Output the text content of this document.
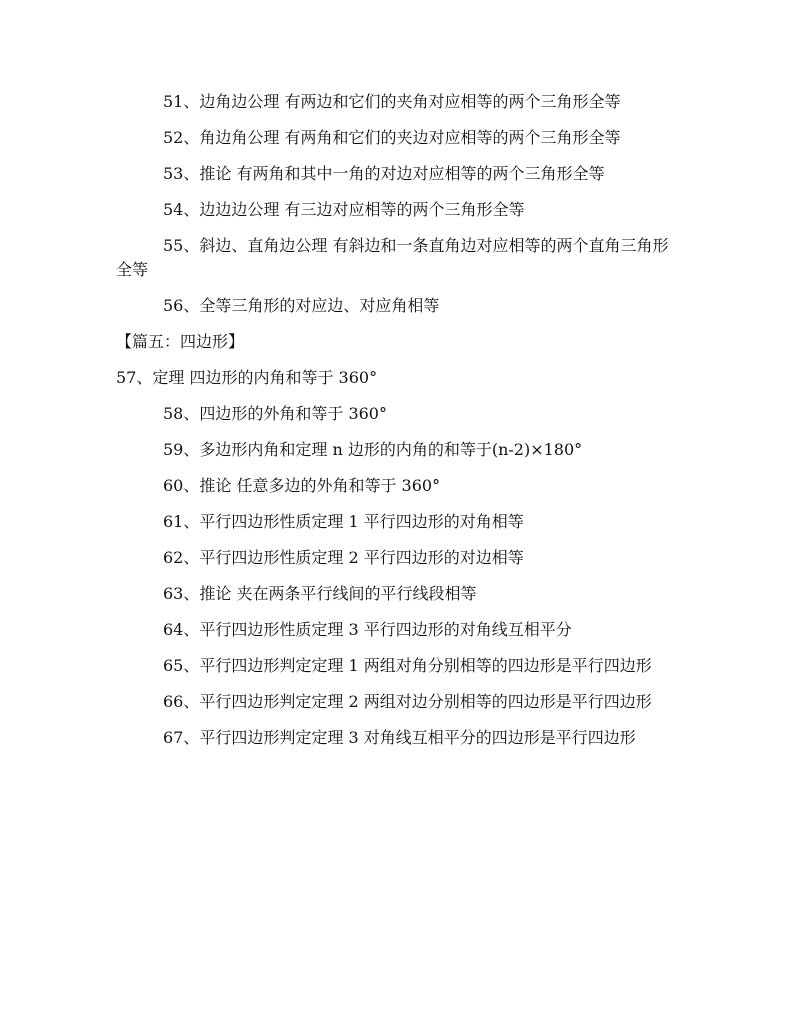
51、边角边公理 有两边和它们的夹角对应相等的两个三角形全等

52、角边角公理 有两角和它们的夹边对应相等的两个三角形全等

53、推论 有两角和其中一角的对边对应相等的两个三角形全等

54、边边边公理 有三边对应相等的两个三角形全等

55、斜边、直角边公理 有斜边和一条直角边对应相等的两个直角三角形全等

56、全等三角形的对应边、对应角相等

【篇五：四边形】

57、定理 四边形的内角和等于 360°

58、四边形的外角和等于 360°

59、多边形内角和定理 n 边形的内角的和等于(n-2)×180°

60、推论 任意多边的外角和等于 360°

61、平行四边形性质定理 1 平行四边形的对角相等

62、平行四边形性质定理 2 平行四边形的对边相等

63、推论 夹在两条平行线间的平行线段相等

64、平行四边形性质定理 3 平行四边形的对角线互相平分

65、平行四边形判定定理 1 两组对角分别相等的四边形是平行四边形

66、平行四边形判定定理 2 两组对边分别相等的四边形是平行四边形

67、平行四边形判定定理 3 对角线互相平分的四边形是平行四边形
